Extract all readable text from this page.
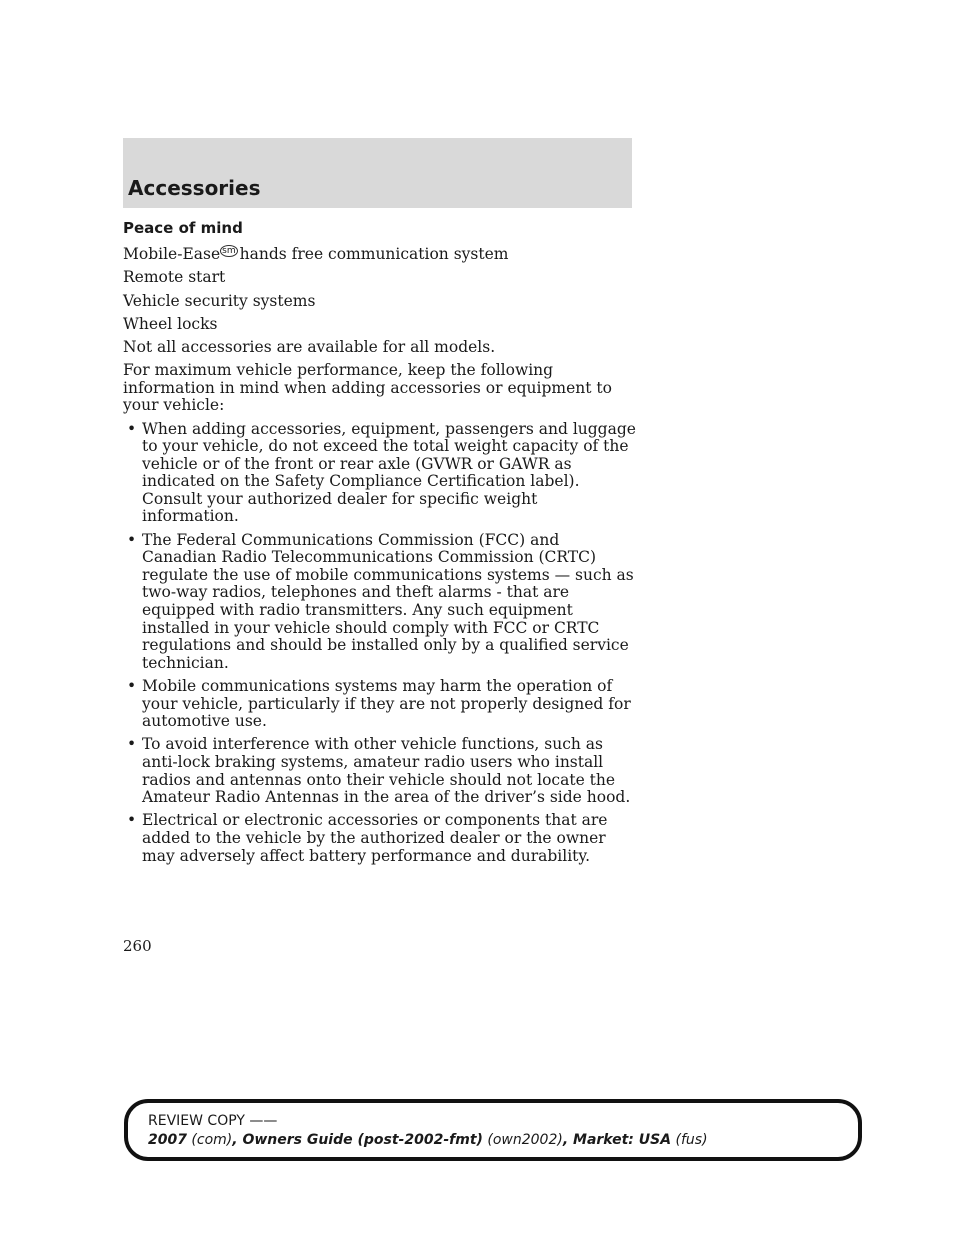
Accessories

Peace of mind

Mobile-Ease $^{sm}$ hands free communication system

Remote start

Vehicle security systems

Wheel locks

Not all accessories are available for all models.

For maximum vehicle performance, keep the following information in mind when adding accessories or equipment to your vehicle:

• When adding accessories, equipment, passengers and luggage to your vehicle, do not exceed the total weight capacity of the vehicle or of the front or rear axle (GVWR or GAWR as indicated on the Safety Compliance Certification label). Consult your authorized dealer for specific weight information.
• The Federal Communications Commission (FCC) and Canadian Radio Telecommunications Commission (CRTC) regulate the use of mobile communications systems — such as two-way radios, telephones and theft alarms - that are equipped with radio transmitters. Any such equipment installed in your vehicle should comply with FCC or CRTC regulations and should be installed only by a qualified service technician.
• Mobile communications systems may harm the operation of your vehicle, particularly if they are not properly designed for automotive use.
• To avoid interference with other vehicle functions, such as anti-lock braking systems, amateur radio users who install radios and antennas onto their vehicle should not locate the Amateur Radio Antennas in the area of the driver’s side hood.
• Electrical or electronic accessories or components that are added to the vehicle by the authorized dealer or the owner may adversely affect battery performance and durability.
260
REVIEW COPY ——
2007 (com), Owners Guide (post-2002-fmt) (own2002), Market: USA (fus)
